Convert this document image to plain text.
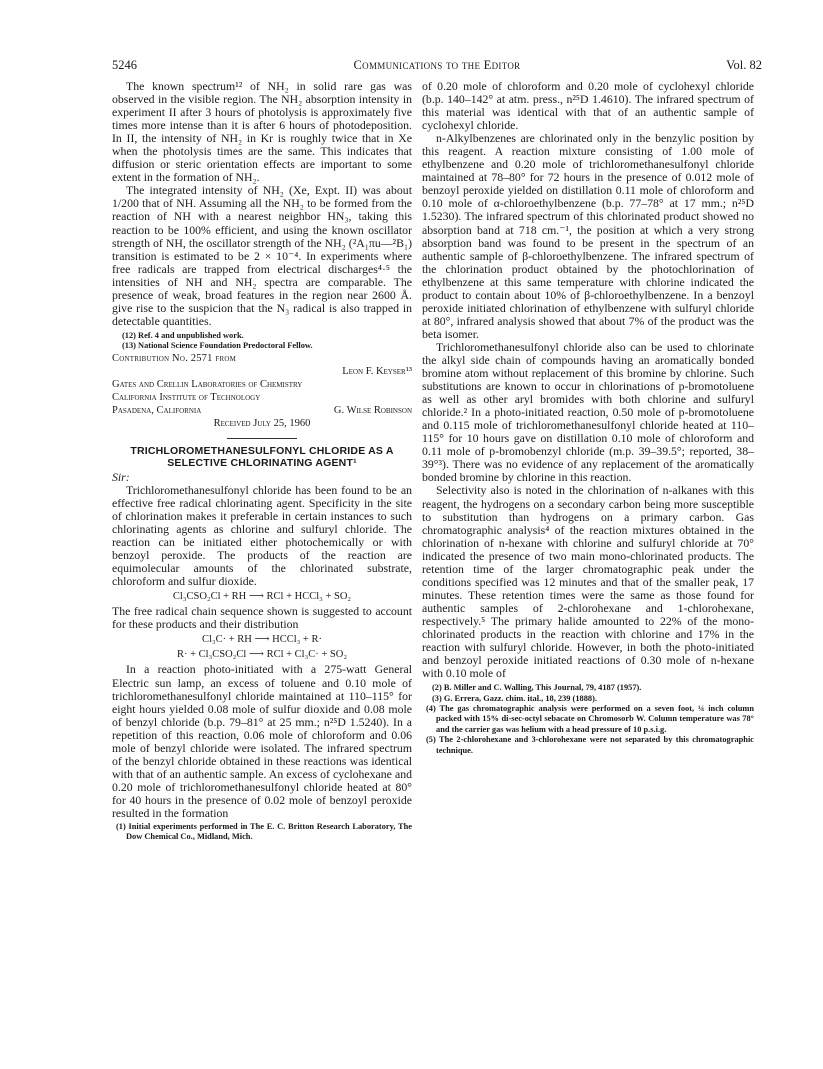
5246	Communications to the Editor	Vol. 82

The known spectrum¹² of NH₂ in solid rare gas was observed in the visible region. The NH₂ absorption intensity in experiment II after 3 hours of photolysis is approximately five times more intense than it is after 6 hours of photodeposition. In II, the intensity of NH₂ in Kr is roughly twice that in Xe when the photolysis times are the same. This indicates that diffusion or steric orientation effects are important to some extent in the formation of NH₂.

The integrated intensity of NH₂ (Xe, Expt. II) was about 1/200 that of NH. Assuming all the NH₂ to be formed from the reaction of NH with a nearest neighbor HN₃, taking this reaction to be 100% efficient, and using the known oscillator strength of NH, the oscillator strength of the NH₂ (²A₁πu—²B₁) transition is estimated to be 2 × 10⁻⁴. In experiments where free radicals are trapped from electrical discharges⁴·⁵ the intensities of NH and NH₂ spectra are comparable. The presence of weak, broad features in the region near 2600 Å. give rise to the suspicion that the N₃ radical is also trapped in detectable quantities.

(12) Ref. 4 and unpublished work.

(13) National Science Foundation Predoctoral Fellow.

Contribution No. 2571 from

Leon F. Keyser¹³
Gates and Crellin Laboratories of Chemistry
California Institute of Technology
Pasadena, California	G. Wilse Robinson
Received July 25, 1960
TRICHLOROMETHANESULFONYL CHLORIDE AS A SELECTIVE CHLORINATING AGENT¹

Sir:

Trichloromethanesulfonyl chloride has been found to be an effective free radical chlorinating agent. Specificity in the site of chlorination makes it preferable in certain instances to such chlorinating agents as chlorine and sulfuryl chloride. The reaction can be initiated either photochemically or with benzoyl peroxide. The products of the reaction are equimolecular amounts of the chlorinated substrate, chloroform and sulfur dioxide.

Cl₃CSO₂Cl + RH ⟶ RCl + HCCl₃ + SO₂

The free radical chain sequence shown is suggested to account for these products and their distribution

Cl₃C· + RH ⟶ HCCl₃ + R·

R· + Cl₃CSO₂Cl ⟶ RCl + Cl₃C· + SO₂

In a reaction photo-initiated with a 275-watt General Electric sun lamp, an excess of toluene and 0.10 mole of trichloromethanesulfonyl chloride maintained at 110–115° for eight hours yielded 0.08 mole of sulfur dioxide and 0.08 mole of benzyl chloride (b.p. 79–81° at 25 mm.; n²⁵D 1.5240). In a repetition of this reaction, 0.06 mole of chloroform and 0.06 mole of benzyl chloride were isolated. The infrared spectrum of the benzyl chloride obtained in these reactions was identical with that of an authentic sample. An excess of cyclohexane and 0.20 mole of trichloromethanesulfonyl chloride heated at 80° for 40 hours in the presence of 0.02 mole of benzoyl peroxide resulted in the formation

(1) Initial experiments performed in The E. C. Britton Research Laboratory, The Dow Chemical Co., Midland, Mich.

of 0.20 mole of chloroform and 0.20 mole of cyclohexyl chloride (b.p. 140–142° at atm. press., n²⁵D 1.4610). The infrared spectrum of this material was identical with that of an authentic sample of cyclohexyl chloride.

n-Alkylbenzenes are chlorinated only in the benzylic position by this reagent. A reaction mixture consisting of 1.00 mole of ethylbenzene and 0.20 mole of trichloromethanesulfonyl chloride maintained at 78–80° for 72 hours in the presence of 0.012 mole of benzoyl peroxide yielded on distillation 0.11 mole of chloroform and 0.10 mole of α-chloroethylbenzene (b.p. 77–78° at 17 mm.; n²⁵D 1.5230). The infrared spectrum of this chlorinated product showed no absorption band at 718 cm.⁻¹, the position at which a very strong absorption band was found to be present in the spectrum of an authentic sample of β-chloroethylbenzene. The infrared spectrum of the chlorination product obtained by the photochlorination of ethylbenzene at this same temperature with chlorine indicated the product to contain about 10% of β-chloroethylbenzene. In a benzoyl peroxide initiated chlorination of ethylbenzene with sulfuryl chloride at 80°, infrared analysis showed that about 7% of the product was the beta isomer.

Trichloromethanesulfonyl chloride also can be used to chlorinate the alkyl side chain of compounds having an aromatically bonded bromine atom without replacement of this bromine by chlorine. Such substitutions are known to occur in chlorinations of p-bromotoluene as well as other aryl bromides with both chlorine and sulfuryl chloride.² In a photo-initiated reaction, 0.50 mole of p-bromotoluene and 0.115 mole of trichloromethanesulfonyl chloride heated at 110–115° for 10 hours gave on distillation 0.10 mole of chloroform and 0.11 mole of p-bromobenzyl chloride (m.p. 39–39.5°; reported, 38–39°³). There was no evidence of any replacement of the aromatically bonded bromine by chlorine in this reaction.

Selectivity also is noted in the chlorination of n-alkanes with this reagent, the hydrogens on a secondary carbon being more susceptible to substitution than hydrogens on a primary carbon. Gas chromatographic analysis⁴ of the reaction mixtures obtained in the chlorination of n-hexane with chlorine and sulfuryl chloride at 70° indicated the presence of two main mono-chlorinated products. The retention time of the larger chromatographic peak under the conditions specified was 12 minutes and that of the smaller peak, 17 minutes. These retention times were the same as those found for authentic samples of 2-chlorohexane and 1-chlorohexane, respectively.⁵ The primary halide amounted to 22% of the mono-chlorinated products in the reaction with chlorine and 17% in the reaction with sulfuryl chloride. However, in both the photo-initiated and benzoyl peroxide initiated reactions of 0.30 mole of n-hexane with 0.10 mole of

(2) B. Miller and C. Walling, This Journal, 79, 4187 (1957).

(3) G. Errera, Gazz. chim. ital., 18, 239 (1888).

(4) The gas chromatographic analysis were performed on a seven foot, ¼ inch column packed with 15% di-sec-octyl sebacate on Chromosorb W. Column temperature was 78° and the carrier gas was helium with a head pressure of 10 p.s.i.g.

(5) The 2-chlorohexane and 3-chlorohexane were not separated by this chromatographic technique.
